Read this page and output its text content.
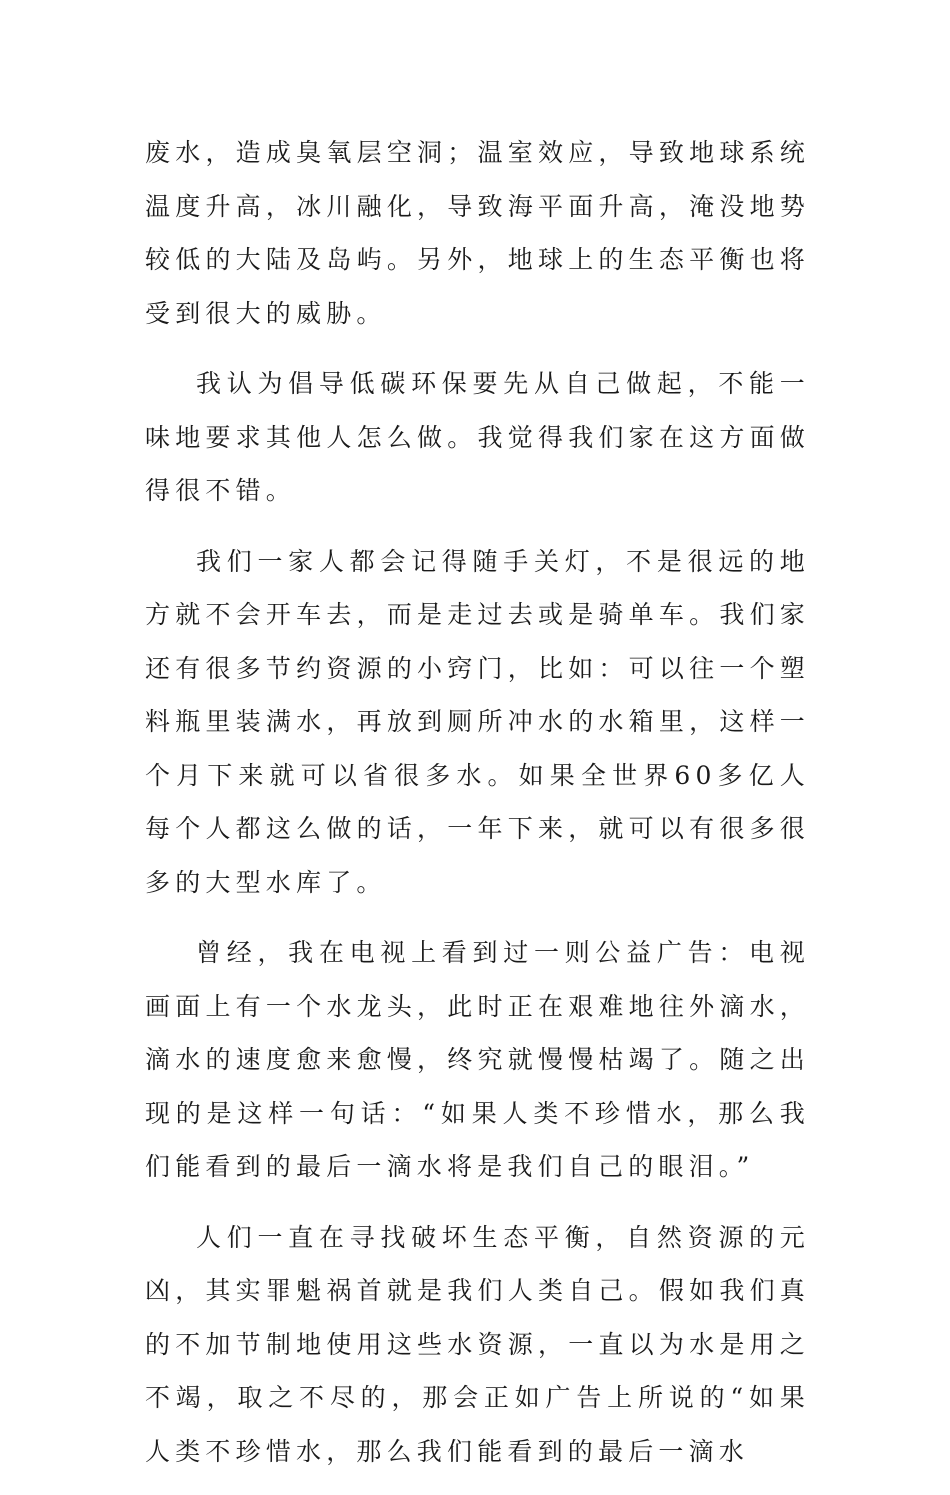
废水，造成臭氧层空洞；温室效应，导致地球系统温度升高，冰川融化，导致海平面升高，淹没地势较低的大陆及岛屿。另外，地球上的生态平衡也将受到很大的威胁。

我认为倡导低碳环保要先从自己做起，不能一味地要求其他人怎么做。我觉得我们家在这方面做得很不错。

我们一家人都会记得随手关灯，不是很远的地方就不会开车去，而是走过去或是骑单车。我们家还有很多节约资源的小窍门，比如：可以往一个塑料瓶里装满水，再放到厕所冲水的水箱里，这样一个月下来就可以省很多水。如果全世界60多亿人每个人都这么做的话，一年下来，就可以有很多很多的大型水库了。

曾经，我在电视上看到过一则公益广告：电视画面上有一个水龙头，此时正在艰难地往外滴水，滴水的速度愈来愈慢，终究就慢慢枯竭了。随之出现的是这样一句话：“如果人类不珍惜水，那么我们能看到的最后一滴水将是我们自己的眼泪。”

人们一直在寻找破坏生态平衡，自然资源的元凶，其实罪魁祸首就是我们人类自己。假如我们真的不加节制地使用这些水资源，一直以为水是用之不竭，取之不尽的，那会正如广告上所说的“如果人类不珍惜水，那么我们能看到的最后一滴水
